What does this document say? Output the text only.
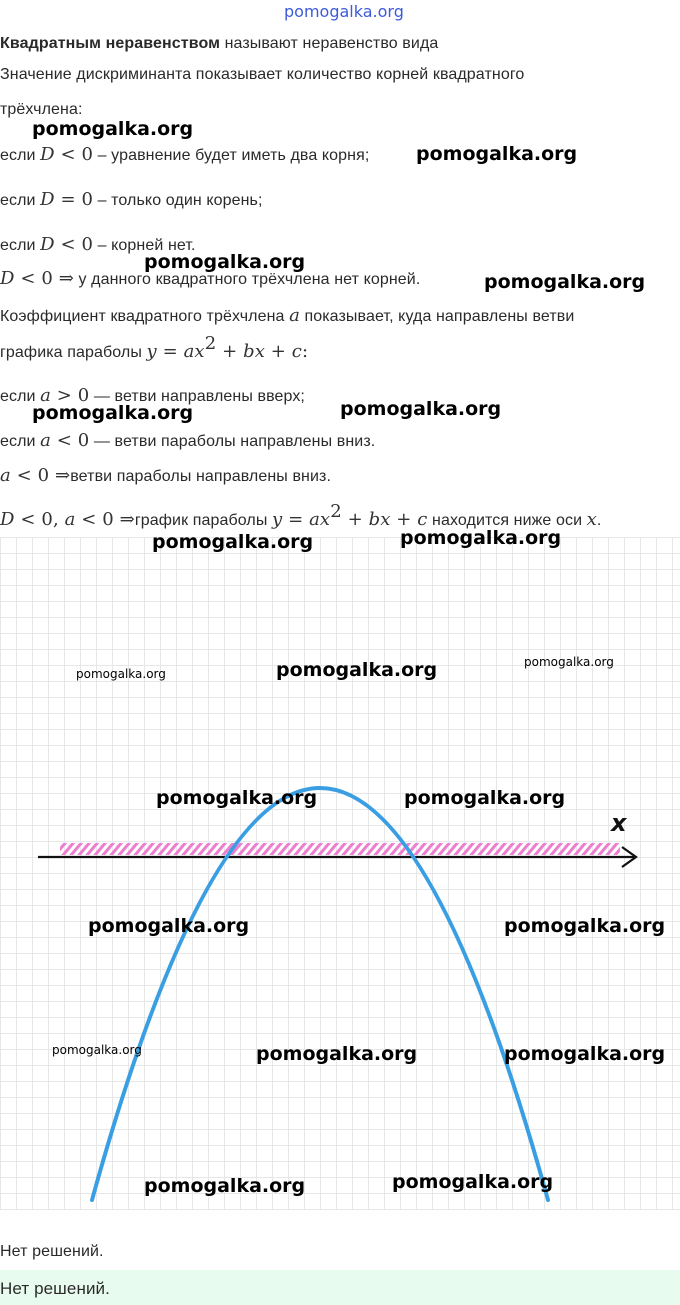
pomogalka.org
Квадратным неравенством называют неравенство вида
Значение дискриминанта показывает количество корней квадратного
трёхчлена:
если D < 0 – уравнение будет иметь два корня;
если D = 0 – только один корень;
если D < 0 – корней нет.
D < 0 ⇒ у данного квадратного трёхчлена нет корней.
Коэффициент квадратного трёхчлена a показывает, куда направлены ветви
графика параболы $y = ax^2$ + bx + c:
если a > 0 — ветви направлены вверх;
если a < 0 — ветви параболы направлены вниз.
a < 0 ⇒ветви параболы направлены вниз.
D < 0, a < 0 ⇒график параболы $y = ax^2$ + bx + c находится ниже оси x.
x
pomogalka.org
pomogalka.org
pomogalka.org
pomogalka.org
pomogalka.org	pomogalka.org
pomogalka.org	pomogalka.org
pomogalka.org	pomogalka.org	pomogalka.org
pomogalka.org	pomogalka.org
pomogalka.org	pomogalka.org
pomogalka.org	pomogalka.org	pomogalka.org
pomogalka.org	pomogalka.org
Нет решений.
Нет решений.
